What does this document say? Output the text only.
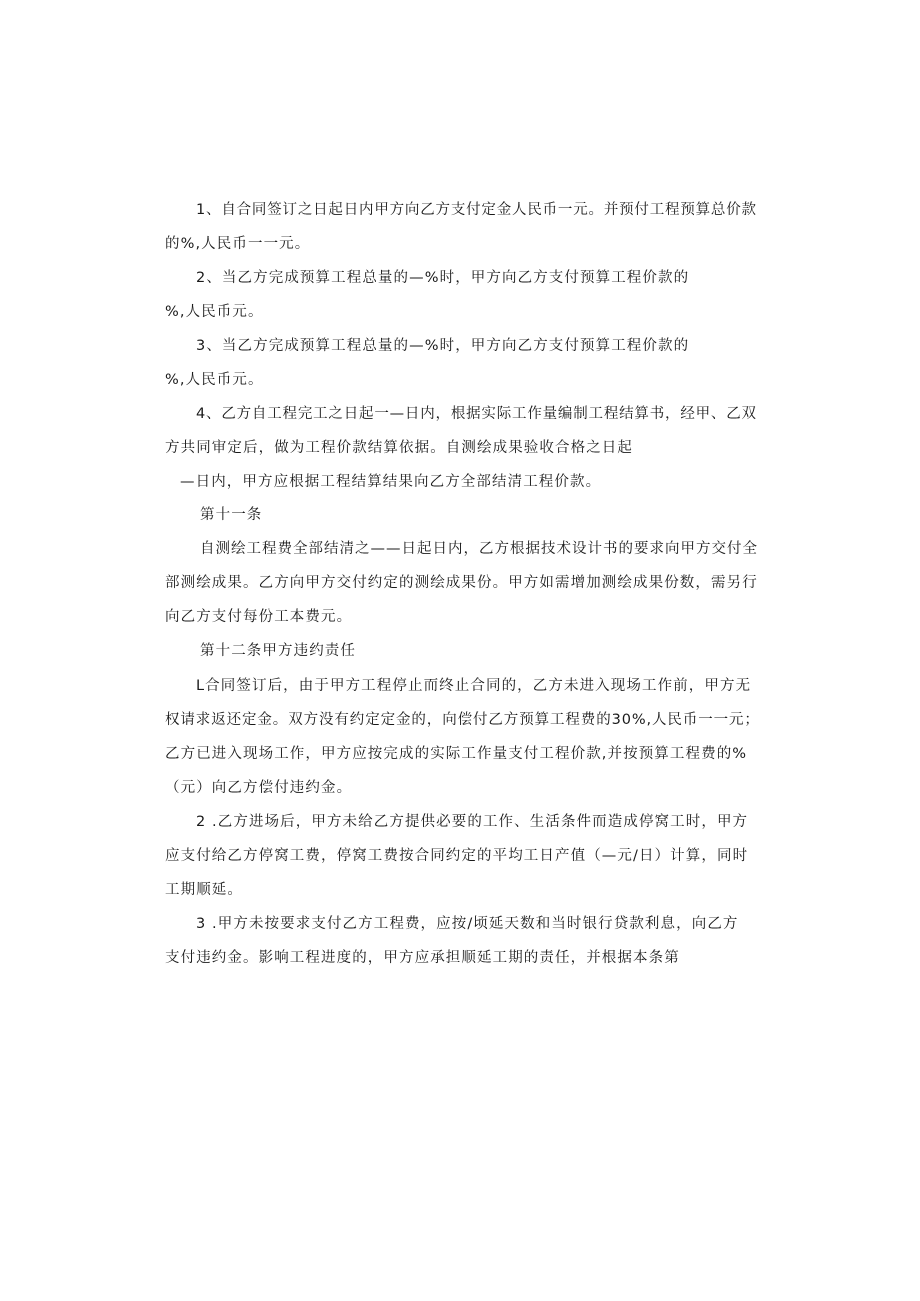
1、自合同签订之日起日内甲方向乙方支付定金人民币一元。并预付工程预算总价款
的%,人民币一一元。
2、当乙方完成预算工程总量的—%时，甲方向乙方支付预算工程价款的
%,人民币元。
3、当乙方完成预算工程总量的—%时，甲方向乙方支付预算工程价款的
%,人民币元。
4、乙方自工程完工之日起一—日内，根据实际工作量编制工程结算书，经甲、乙双
方共同审定后，做为工程价款结算依据。自测绘成果验收合格之日起
—日内，甲方应根据工程结算结果向乙方全部结清工程价款。
第十一条
自测绘工程费全部结清之——日起日内，乙方根据技术设计书的要求向甲方交付全
部测绘成果。乙方向甲方交付约定的测绘成果份。甲方如需增加测绘成果份数，需另行
向乙方支付每份工本费元。
第十二条甲方违约责任
L合同签订后，由于甲方工程停止而终止合同的，乙方未进入现场工作前，甲方无
权请求返还定金。双方没有约定定金的，向偿付乙方预算工程费的30%,人民币一一元；
乙方已进入现场工作，甲方应按完成的实际工作量支付工程价款,并按预算工程费的%
（元）向乙方偿付违约金。
2 .乙方进场后，甲方未给乙方提供必要的工作、生活条件而造成停窝工时，甲方
应支付给乙方停窝工费，停窝工费按合同约定的平均工日产值（—元/日）计算，同时
工期顺延。
3 .甲方未按要求支付乙方工程费，应按/顷延天数和当时银行贷款利息，向乙方
支付违约金。影响工程进度的，甲方应承担顺延工期的责任，并根据本条第
